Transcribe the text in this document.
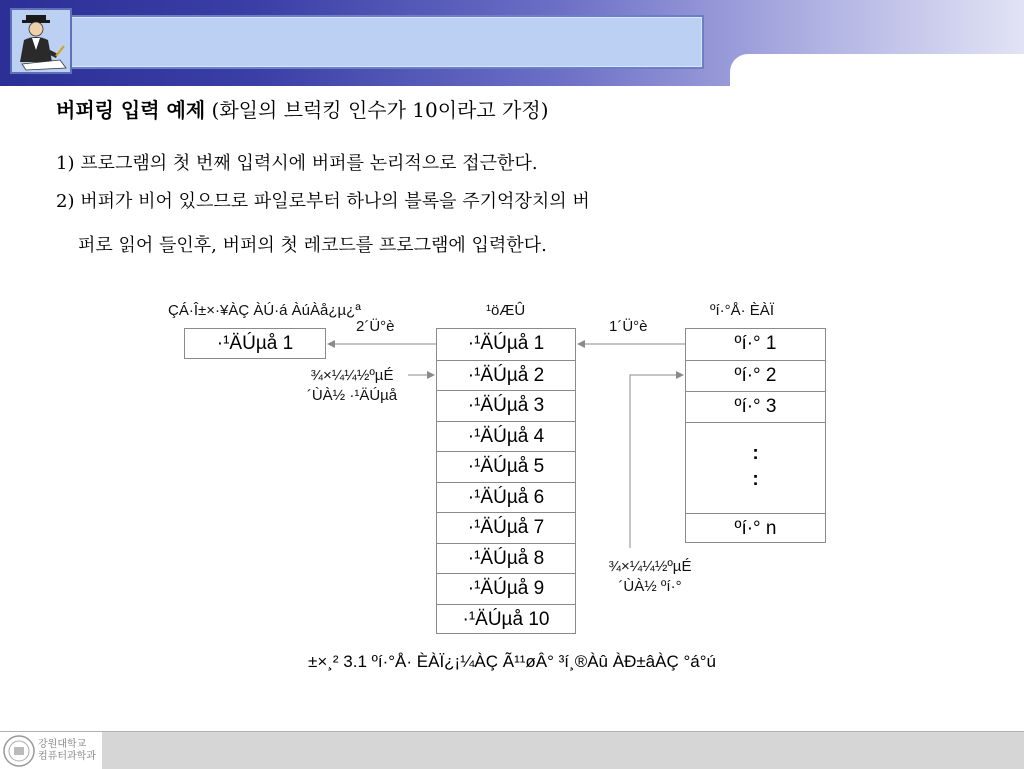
버퍼링 입력 예제 (화일의 브럭킹 인수가 10이라고 가정)
1) 프로그램의 첫 번째 입력시에 버퍼를 논리적으로 접근한다.
2) 버퍼가 비어 있으므로 파일로부터 하나의 블록을 주기억장치의 버
퍼로 읽어 들인후, 버퍼의 첫 레코드를 프로그램에 입력한다.
ÇÁ·Î±×·¥ÀÇ ÀÚ·á ÀúÀå¿µ¿ª	¹öÆÛ	ºí·°Å· ÈÀÏ
2´Ü°è	1´Ü°è
¾×¼¼½ºµÉ
´ÙÀ½ ·¹ÄÚµå
¾×¼¼½ºµÉ
´ÙÀ½ ºí·°
·¹ÄÚµå 1	·¹ÄÚµå 1
·¹ÄÚµå 2
·¹ÄÚµå 3
·¹ÄÚµå 4
·¹ÄÚµå 5
·¹ÄÚµå 6
·¹ÄÚµå 7
·¹ÄÚµå 8
·¹ÄÚµå 9
·¹ÄÚµå 10
ºí·° 1
ºí·° 2
ºí·° 3
:
:
ºí·° n
±×¸² 3.1 ºí·°Å· ÈÀÏ¿¡¼ÀÇ Ã¹¹øÂ° ³í¸®Àû ÀÐ±âÀÇ °á°ú
강원대학교
컴퓨터과학과
